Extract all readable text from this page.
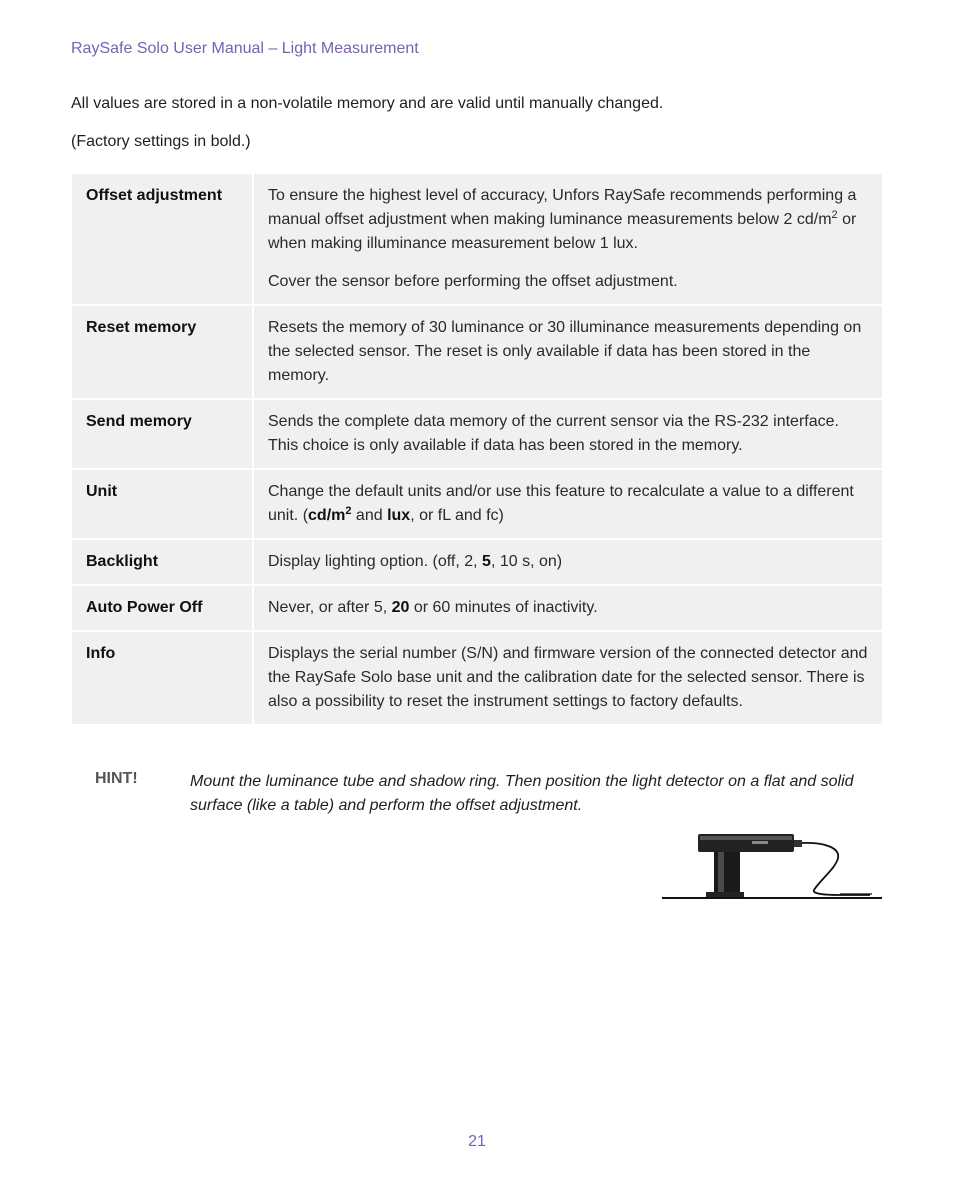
RaySafe Solo User Manual – Light Measurement
All values are stored in a non-volatile memory and are valid until manually changed.
(Factory settings in bold.)
Offset adjustment	To ensure the highest level of accuracy, Unfors RaySafe recommends performing a manual offset adjustment when making luminance measurements below 2 $cd/m^2$ or when making illuminance measurement below 1 lux.

Cover the sensor before performing the offset adjustment.

Reset memory	Resets the memory of 30 luminance or 30 illuminance measurements depending on the selected sensor. The reset is only available if data has been stored in the memory.
Send memory	Sends the complete data memory of the current sensor via the RS-232 interface. This choice is only available if data has been stored in the memory.
Unit	Change the default units and/or use this feature to recalculate a value to a different unit. ($cd/m^2$ and lux, or fL and fc)
Backlight	Display lighting option. (off, 2, 5, 10 s, on)
Auto Power Off	Never, or after 5, 20 or 60 minutes of inactivity.
Info	Displays the serial number (S/N) and firmware version of the connected detector and the RaySafe Solo base unit and the calibration date for the selected sensor. There is also a possibility to reset the instrument settings to factory defaults.
HINT!	Mount the luminance tube and shadow ring. Then position the light detector on a flat and solid surface (like a table) and perform the offset adjustment.
21
